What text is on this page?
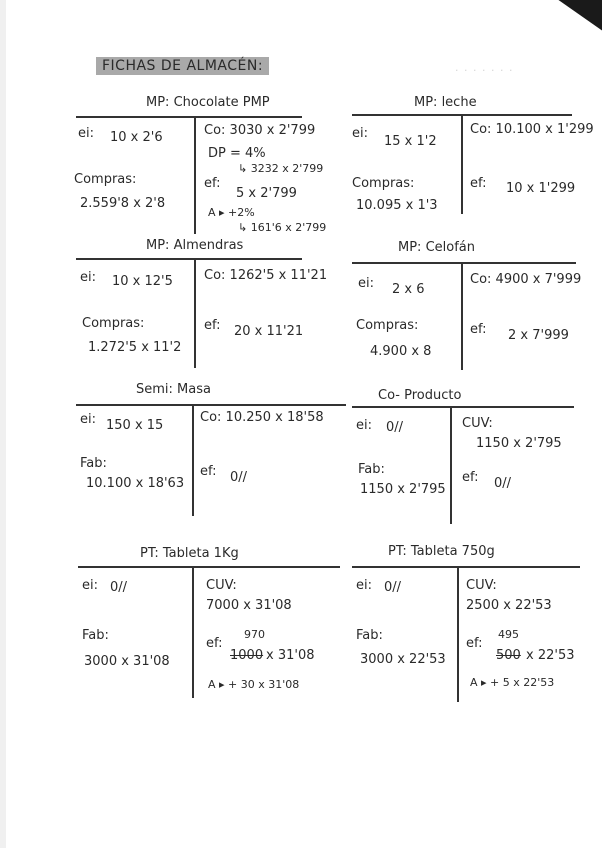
· · · · · · ·
FICHAS DE ALMACÉN:
MP: Chocolate PMP
ei: 10 x 2'6
Compras:
2.559'8 x 2'8
Co: 3030 x 2'799
DP = 4%
↳ 3232 x 2'799
ef:
5 x 2'799
A ▸ +2%
↳ 161'6 x 2'799
MP: leche
ei:
15 x 1'2
Compras:
10.095 x 1'3
Co: 10.100 x 1'299
ef: 10 x 1'299
MP: Almendras
ei: 10 x 12'5
Compras:
1.272'5 x 11'2
Co: 1262'5 x 11'21
ef: 20 x 11'21
MP: Celofán
ei: 2 x 6
Compras:
4.900 x 8
Co: 4900 x 7'999
ef: 2 x 7'999
Semi: Masa
ei: 150 x 15
Fab:
10.100 x 18'63
Co: 10.250 x 18'58
ef: 0//
Co- Producto
ei: 0//
Fab:
1150 x 2'795
CUV:
1150 x 2'795
ef: 0//
PT: Tableta 1Kg
ei: 0//
Fab:
3000 x 31'08
CUV:
7000 x 31'08
ef:
970
1000 x 31'08
A ▸ + 30 x 31'08
PT: Tableta 750g
ei: 0//
Fab:
3000 x 22'53
CUV:
2500 x 22'53
ef:
495
500 x 22'53
A ▸ + 5 x 22'53
